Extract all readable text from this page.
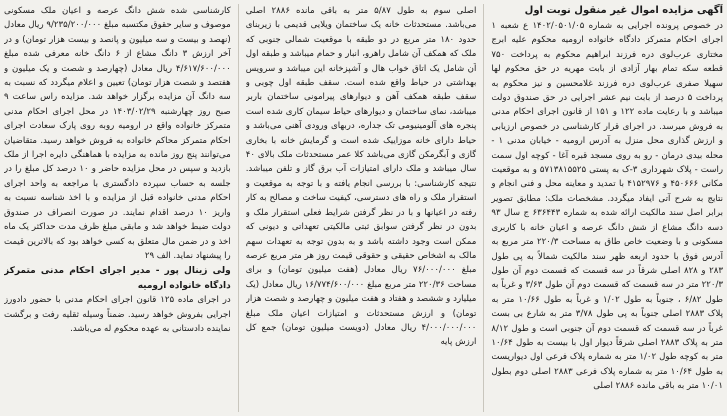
آگهی مزایده اموال غیر منقول نوبت اول

در خصوص پرونده اجرایی به شماره ۱۴۰۲/۰۵۰۱/۰۵ ع شعبه ۱ اجرای احکام متمرکز دادگاه خانواده ارومیه محکوم علیه ابرج مختاری عرب‌لوی دره فرزند ابراهیم محکوم به پرداخت ۷۵۰ قطعه سکه تمام بهار آزادی از بابت مهریه در حق محکوم لها سهیلا صفری عرب‌لوی دره فرزند غلامحسین و نیز محکوم به پرداخت ۵ درصد از بابت نیم عشر اجرایی در حق صندوق دولت میباشد و با رعایت ماده ۱۲۲ و ۱۵۱ از قانون اجرای احکام مدنی به فروش میرسد. در اجرای قرار کارشناسی در خصوص ارزیابی و ارزش گذاری محل منزل به آدرس ارومیه - خیابان مدنی ۱ - محله بیدی درمان - رو به روی مسجد قبره آغا - کوچه اول سمت راست - پلاک شهرداری ۳-ک به پستی ۵۷۱۳۸۱۵۵۲۵ و به موقعیت مکانی ۴۵۰۶۶۶ و ۴۱۵۲۹۷۶ با تمدید و معاینه محل و فنی انجام و نتایج به شرح آتی ایفاد میگردد. مشخصات ملک: مطابق تصویر برابر اصل سند مالکیت ارائه شده به شماره ۶۳۶۴۴۳ ج سال ۹۳ دسه دانگ مشاع از شش دانگ عرصه و اعیان خانه با کاربری مسکونی و با وضعیت خاص طاق به مساحت ۲۲۰/۳ متر مربع به آدرس فوق با حدود اربعه ظهر سند مالکیت شمالاً به پی طول ۲۸۳ و ۸۲۸ اصلی شرقاً در سه قسمت که قسمت دوم آن طول ۲۲۰/۳ متر در سه قسمت که قسمت دوم آن طول ۳/۶۳ و غرباً به طول ۶/۸۲ ، جنوباً به طول ۱/۰۲ و غرباً به طول ۱۰/۶۶ متر به پلاک ۲۸۸۳ اصلی جنوباً به پی طول ۳/۷۸ متر به شارع بی بست غرباً در سه قسمت که قسمت دوم آن جنوبی است و طول ۸/۱۲ متر به پلاک ۲۸۸۳ اصلی شرقاً دیوار اول با بیست به طول ۱۰/۶۴ متر به کوچه طول ۱/۰۲ متر به شماره پلاک فرعی اول دیواریست به طول ۱۰/۶۴ متر به شماره پلاک فرعی ۲۸۸۳ اصلی دوم بطول ۱۰/۰۱ متر به باقی مانده ۲۸۸۶ اصلی

اصلی سوم به طول ۵/۸۷ متر به باقی مانده ۲۸۸۶ اصلی می‌باشد. مستحدثات خانه یک ساختمان ویلایی قدیمی با زیربنای حدود ۱۸۰ متر مربع در دو طبقه با موقعیت شمالی جنوبی که ملک که همکف آن شامل راهرو، انبار و حمام میباشد و طبقه اول آن شامل یک اتاق خواب هال و آشپزخانه این میباشد و سرویس بهداشتی در حیاط واقع شده است. سقف طبقه اول چوبی و سقف طبقه همکف آهن و دیوارهای پیرامونی ساختمان باربر میباشد، نمای ساختمان و دیوارهای حیاط سیمان کاری شده است پنجره های آلومینیومی تک جداره، دربهای ورودی آهنی می‌باشد و حیاط دارای خانه موزاییک شده است و گرمایش خانه با بخاری گازی و آبگرمکن گازی می‌باشد کلا عمر مستحدثات ملک بالای ۴۰ سال میباشد و ملک دارای امتیازات آب برق گاز و تلفن میباشد. نتیجه کارشناسی: با بررسی انجام یافته و با توجه به موقعیت و استقرار ملک و راه های دسترسی، کیفیت ساخت و مصالح به کار رفته در اعیانها و با در نظر گرفتن شرایط فعلی استقرار ملک و بدون در نظر گرفتن سوابق ثبتی مالکیتی تعهداتی و دیونی که ممکن است وجود داشته باشد و به بدون توجه به تعهدات سهم مالک به اشخاص حقیقی و حقوقی قیمت روز هر متر مربع عرصه مبلغ ۷۶/۰۰۰/۰۰۰ ریال معادل (هفت میلیون تومان) و برای مساحت ۲۲۰/۳۶ متر مربع مبلغ ۱۶/۷۷۴/۶۰۰/۰۰۰ ریال معادل (یک میلیارد و ششصد و هفتاد و هفت میلیون و چهارصد و شصت هزار تومان) و ارزش مستحدثات و امتیازات اعیان ملک مبلغ ۴/۰۰۰/۰۰۰/۰۰۰ ریال معادل (دویست میلیون تومان) جمع کل ارزش پایه

کارشناسی شده شش دانگ عرصه و اعیان ملک مسکونی موصوف و سایر حقوق مکتسبه مبلغ ۹/۲۳۵/۲۰۰/۰۰۰ ریال معادل (نهصد و بیست و سه میلیون و پانصد و بیست هزار تومان) و در آخر ارزش ۳ دانگ مشاع از ۶ دانگ خانه معرفی شده مبلغ ۴/۶۱۷/۶۰۰/۰۰۰ ریال معادل (چهارصد و شصت و یک میلیون و هفتصد و شصت هزار تومان) تعیین و اعلام میگردد که نسبت به سه دانگ آن مزایده برگزار خواهد شد. مزایده راس ساعت ۹ صبح روز چهارشنبه ۱۴۰۳/۰۲/۲۹ در محل اجرای احکام مدنی متمرکز خانواده واقع در ارومیه روبه روی پارک سعادت اجرای احکام متمرکز محاکم خانواده به فروش خواهد رسید. متقاضیان می‌توانند پنج روز مانده به مزایده با هماهنگی دایره اجرا از ملک بازدید و سپس در محل مزایده حاضر و ۱۰ درصد کل مبلغ را در جلسه به حساب سپرده دادگستری با مراجعه به واحد اجرای احکام مدنی خانواده قبل از مزایده و با اخذ شناسه نسبت به واریز ۱۰ درصد اقدام نمایند. در صورت انصراف در صندوق دولت ضبط خواهد شد و مابقی مبلغ ظرف مدت حداکثر یک ماه اخذ و در ضمن مال متعلق به کسی خواهد بود که بالاترین قیمت را پیشنهاد نماید. الف ۲۹

ولی زینال پور - مدیر اجرای احکام مدنی متمرکز دادگاه خانواده ارومیه

در اجرای ماده ۱۲۵ قانون اجرای احکام مدنی با حضور دادورز اجرایی بفروش خواهد رسید. ضمناً وسیله ثقلیه رفت و برگشت نماینده دادستانی به عهده محکوم له می‌باشد.
